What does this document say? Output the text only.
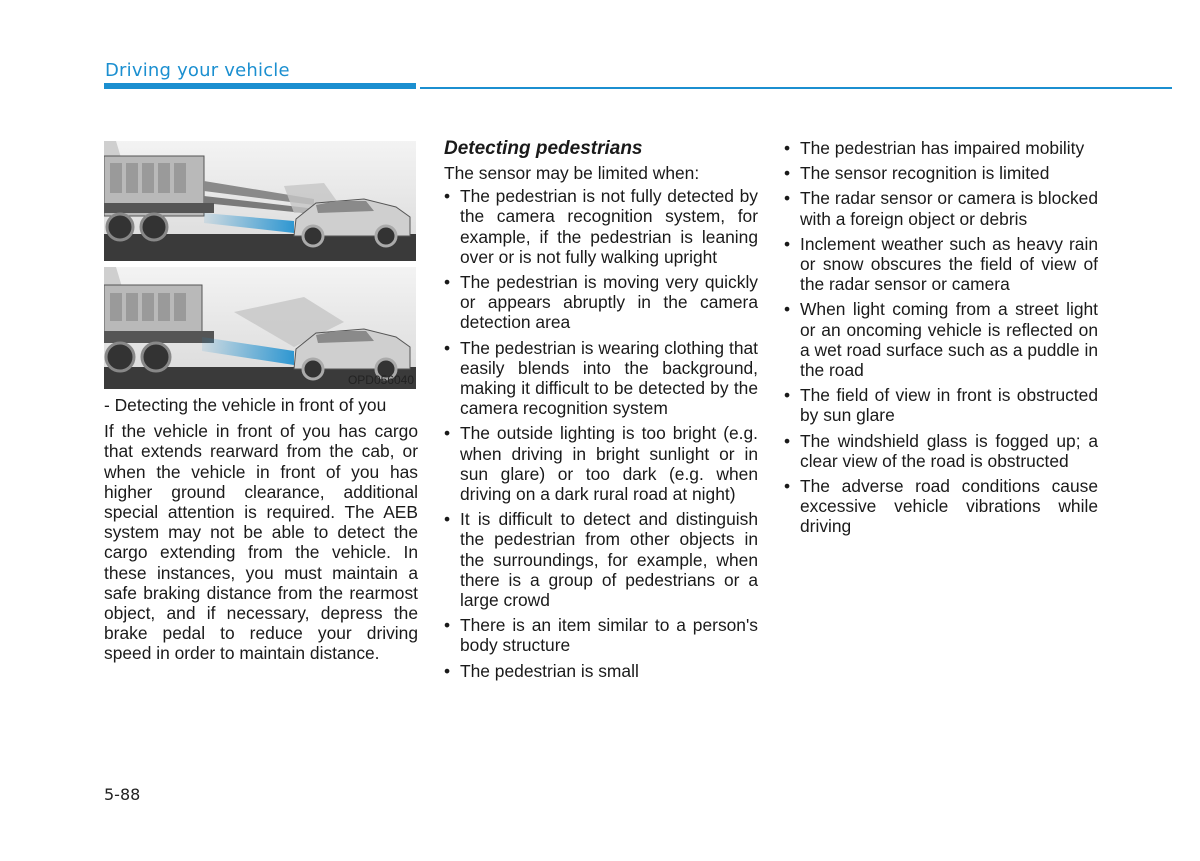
Driving your vehicle
OPD056040

- Detecting the vehicle in front of you

If the vehicle in front of you has cargo that extends rearward from the cab, or when the vehicle in front of you has higher ground clearance, additional special attention is required. The AEB system may not be able to detect the cargo extending from the vehicle. In these instances, you must maintain a safe braking distance from the rearmost object, and if necessary, depress the brake pedal to reduce your driving speed in order to maintain distance.

Detecting pedestrians
The sensor may be limited when:
• The pedestrian is not fully detected by the camera recognition system, for example, if the pedestrian is leaning over or is not fully walking upright
• The pedestrian is moving very quickly or appears abruptly in the camera detection area
• The pedestrian is wearing clothing that easily blends into the background, making it difficult to be detected by the camera recognition system
• The outside lighting is too bright (e.g. when driving in bright sunlight or in sun glare) or too dark (e.g. when driving on a dark rural road at night)
• It is difficult to detect and distinguish the pedestrian from other objects in the surroundings, for example, when there is a group of pedestrians or a large crowd
• There is an item similar to a person's body structure
• The pedestrian is small
• The pedestrian has impaired mobility
• The sensor recognition is limited
• The radar sensor or camera is blocked with a foreign object or debris
• Inclement weather such as heavy rain or snow obscures the field of view of the radar sensor or camera
• When light coming from a street light or an oncoming vehicle is reflected on a wet road surface such as a puddle in the road
• The field of view in front is obstructed by sun glare
• The windshield glass is fogged up; a clear view of the road is obstructed
• The adverse road conditions cause excessive vehicle vibrations while driving
5-88
